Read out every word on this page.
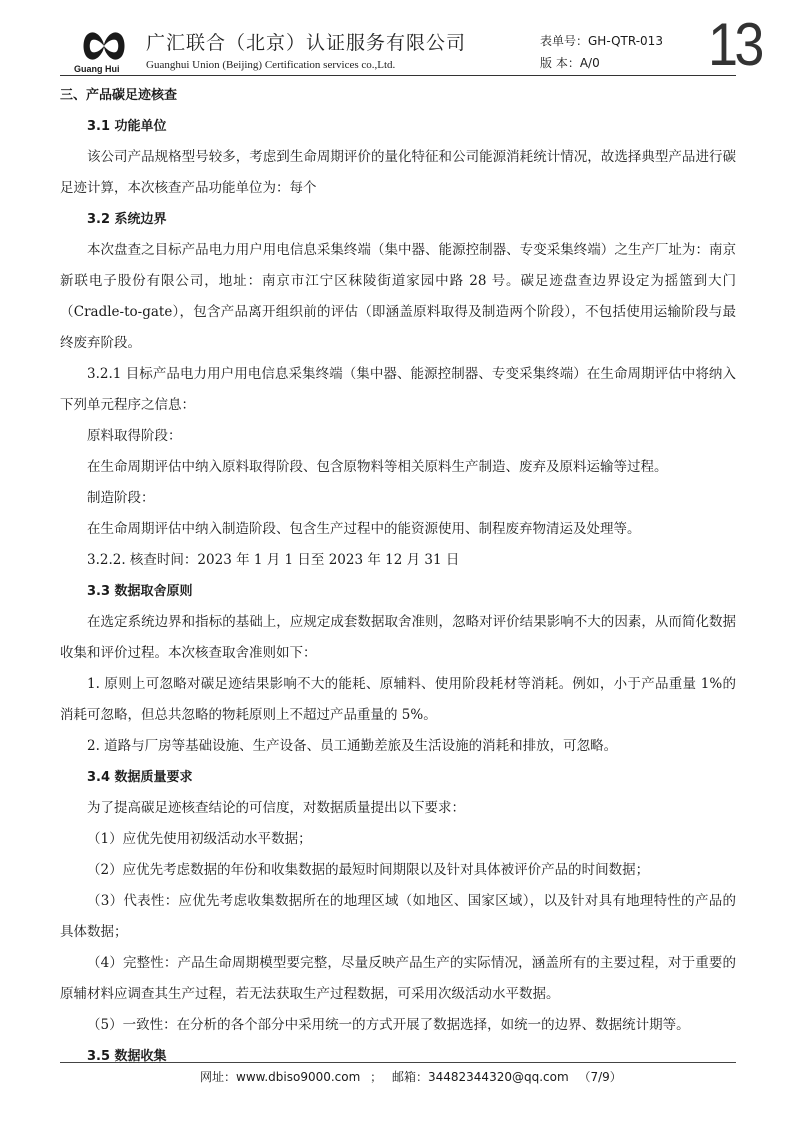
Guang Hui
广汇联合（北京）认证服务有限公司
Guanghui Union (Beijing) Certification services co.,Ltd.
表单号：GH-QTR-013
版 本：A/0 13

三、产品碳足迹核查

3.1 功能单位

该公司产品规格型号较多，考虑到生命周期评价的量化特征和公司能源消耗统计情况，故选择典型产品进行碳足迹计算，本次核查产品功能单位为：每个

3.2 系统边界

本次盘查之目标产品电力用户用电信息采集终端（集中器、能源控制器、专变采集终端）之生产厂址为：南京新联电子股份有限公司，地址：南京市江宁区秣陵街道家园中路 28 号。碳足迹盘查边界设定为摇篮到大门（Cradle-to-gate），包含产品离开组织前的评估（即涵盖原料取得及制造两个阶段），不包括使用运输阶段与最终废弃阶段。

3.2.1 目标产品电力用户用电信息采集终端（集中器、能源控制器、专变采集终端）在生命周期评估中将纳入下列单元程序之信息：

原料取得阶段：

在生命周期评估中纳入原料取得阶段、包含原物料等相关原料生产制造、废弃及原料运输等过程。

制造阶段：

在生命周期评估中纳入制造阶段、包含生产过程中的能资源使用、制程废弃物清运及处理等。

3.2.2. 核查时间：2023 年 1 月 1 日至 2023 年 12 月 31 日

3.3 数据取舍原则

在选定系统边界和指标的基础上，应规定成套数据取舍准则，忽略对评价结果影响不大的因素，从而简化数据收集和评价过程。本次核查取舍准则如下：

1. 原则上可忽略对碳足迹结果影响不大的能耗、原辅料、使用阶段耗材等消耗。例如，小于产品重量 1%的消耗可忽略，但总共忽略的物耗原则上不超过产品重量的 5%。

2. 道路与厂房等基础设施、生产设备、员工通勤差旅及生活设施的消耗和排放，可忽略。

3.4 数据质量要求

为了提高碳足迹核查结论的可信度，对数据质量提出以下要求：

（1）应优先使用初级活动水平数据；

（2）应优先考虑数据的年份和收集数据的最短时间期限以及针对具体被评价产品的时间数据；

（3）代表性：应优先考虑收集数据所在的地理区域（如地区、国家区域），以及针对具有地理特性的产品的具体数据；

（4）完整性：产品生命周期模型要完整，尽量反映产品生产的实际情况，涵盖所有的主要过程，对于重要的原辅材料应调查其生产过程，若无法获取生产过程数据，可采用次级活动水平数据。

（5）一致性：在分析的各个部分中采用统一的方式开展了数据选择，如统一的边界、数据统计期等。

3.5 数据收集

网址：www.dbiso9000.com ； 邮箱：34482344320@qq.com （7/9）
